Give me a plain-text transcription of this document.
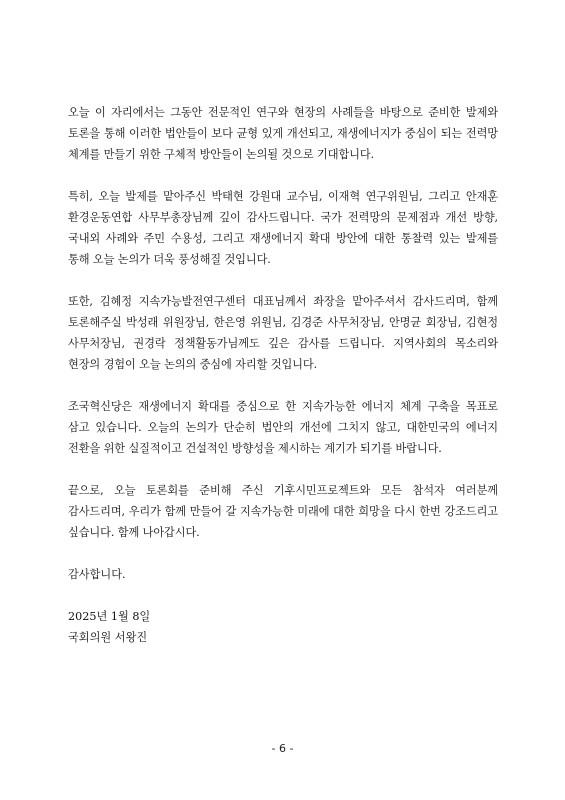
오늘 이 자리에서는 그동안 전문적인 연구와 현장의 사례들을 바탕으로 준비한 발제와 토론을 통해 이러한 법안들이 보다 균형 있게 개선되고, 재생에너지가 중심이 되는 전력망 체계를 만들기 위한 구체적 방안들이 논의될 것으로 기대합니다.

특히, 오늘 발제를 맡아주신 박태현 강원대 교수님, 이재혁 연구위원님, 그리고 안재훈 환경운동연합 사무부총장님께 깊이 감사드립니다. 국가 전력망의 문제점과 개선 방향, 국내외 사례와 주민 수용성, 그리고 재생에너지 확대 방안에 대한 통찰력 있는 발제를 통해 오늘 논의가 더욱 풍성해질 것입니다.

또한, 김혜정 지속가능발전연구센터 대표님께서 좌장을 맡아주셔서 감사드리며, 함께 토론해주실 박성래 위원장님, 한은영 위원님, 김경준 사무처장님, 안명균 회장님, 김현정 사무처장님, 권경락 정책활동가님께도 깊은 감사를 드립니다. 지역사회의 목소리와 현장의 경험이 오늘 논의의 중심에 자리할 것입니다.

조국혁신당은 재생에너지 확대를 중심으로 한 지속가능한 에너지 체계 구축을 목표로 삼고 있습니다. 오늘의 논의가 단순히 법안의 개선에 그치지 않고, 대한민국의 에너지 전환을 위한 실질적이고 건설적인 방향성을 제시하는 계기가 되기를 바랍니다.

끝으로, 오늘 토론회를 준비해 주신 기후시민프로젝트와 모든 참석자 여러분께 감사드리며, 우리가 함께 만들어 갈 지속가능한 미래에 대한 희망을 다시 한번 강조드리고 싶습니다. 함께 나아갑시다.

감사합니다.

2025년 1월 8일

국회의원 서왕진

- 6 -
